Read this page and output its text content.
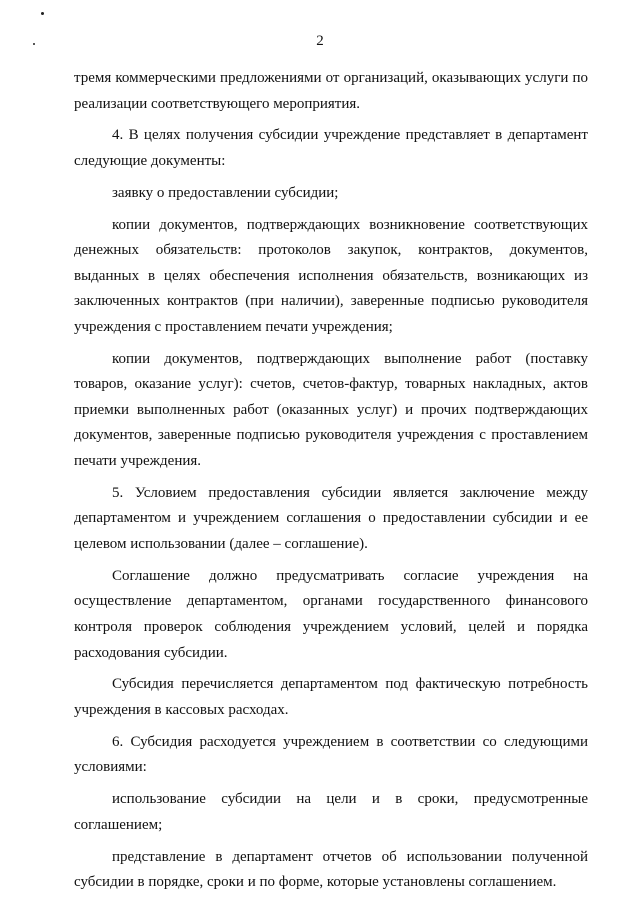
2

тремя коммерческими предложениями от организаций, оказывающих услуги по реализации соответствующего мероприятия.

4. В целях получения субсидии учреждение представляет в департамент следующие документы:

заявку о предоставлении субсидии;

копии документов, подтверждающих возникновение соответствующих денежных обязательств: протоколов закупок, контрактов, документов, выданных в целях обеспечения исполнения обязательств, возникающих из заключенных контрактов (при наличии), заверенные подписью руководителя учреждения с проставлением печати учреждения;

копии документов, подтверждающих выполнение работ (поставку товаров, оказание услуг): счетов, счетов-фактур, товарных накладных, актов приемки выполненных работ (оказанных услуг) и прочих подтверждающих документов, заверенные подписью руководителя учреждения с проставлением печати учреждения.

5. Условием предоставления субсидии является заключение между департаментом и учреждением соглашения о предоставлении субсидии и ее целевом использовании (далее – соглашение).

Соглашение должно предусматривать согласие учреждения на осуществление департаментом, органами государственного финансового контроля проверок соблюдения учреждением условий, целей и порядка расходования субсидии.

Субсидия перечисляется департаментом под фактическую потребность учреждения в кассовых расходах.

6. Субсидия расходуется учреждением в соответствии со следующими условиями:

использование субсидии на цели и в сроки, предусмотренные соглашением;

представление в департамент отчетов об использовании полученной субсидии в порядке, сроки и по форме, которые установлены соглашением.
